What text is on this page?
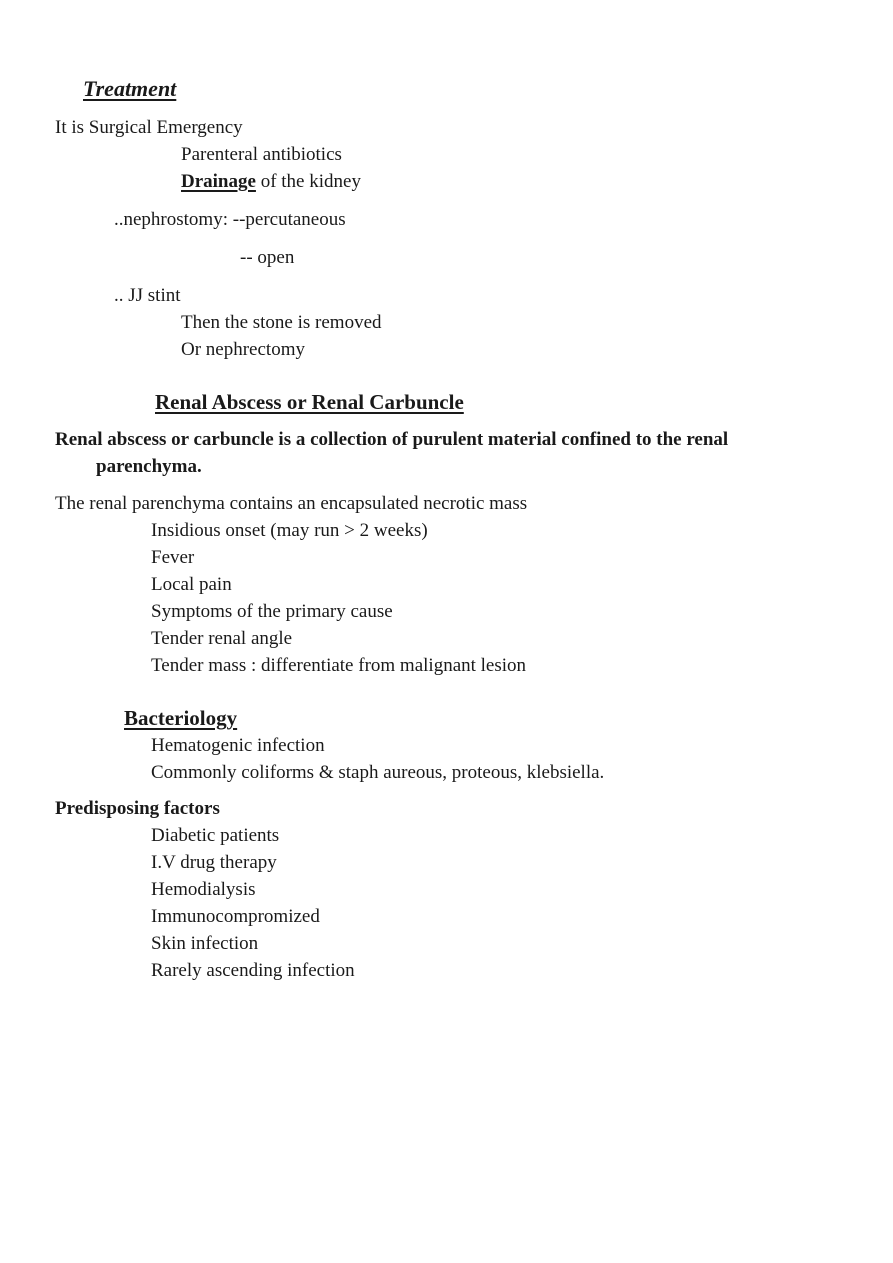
Treatment
It is Surgical Emergency
Parenteral antibiotics
Drainage of the kidney
..nephrostomy: --percutaneous
-- open
.. JJ stint
Then the stone is removed
Or nephrectomy
Renal Abscess or Renal Carbuncle
Renal abscess or carbuncle is a collection of purulent material confined to the renal
parenchyma.
The renal parenchyma contains an encapsulated necrotic mass
Insidious onset (may run > 2 weeks)
Fever
Local pain
Symptoms of the primary cause
Tender renal angle
Tender mass : differentiate from malignant lesion
Bacteriology
Hematogenic infection
Commonly coliforms & staph aureous, proteous, klebsiella.
Predisposing factors
Diabetic patients
I.V drug therapy
Hemodialysis
Immunocompromized
Skin infection
Rarely ascending infection
